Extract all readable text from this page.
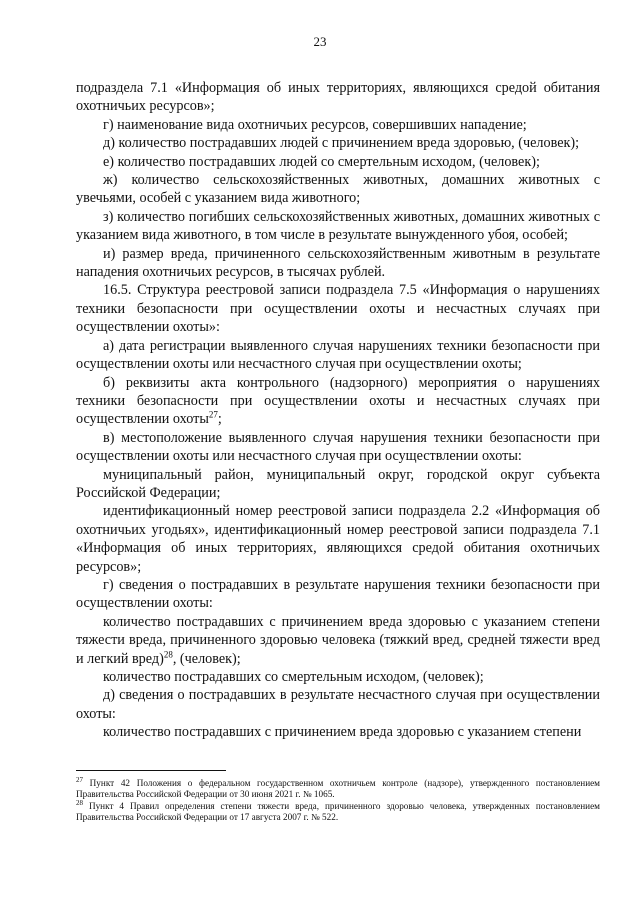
23

подраздела 7.1 «Информация об иных территориях, являющихся средой обитания охотничьих ресурсов»;

г) наименование вида охотничьих ресурсов, совершивших нападение;

д) количество пострадавших людей с причинением вреда здоровью, (человек);

е) количество пострадавших людей со смертельным исходом, (человек);

ж) количество сельскохозяйственных животных, домашних животных с увечьями, особей с указанием вида животного;

з) количество погибших сельскохозяйственных животных, домашних животных с указанием вида животного, в том числе в результате вынужденного убоя, особей;

и) размер вреда, причиненного сельскохозяйственным животным в результате нападения охотничьих ресурсов, в тысячах рублей.

16.5. Структура реестровой записи подраздела 7.5 «Информация о нарушениях техники безопасности при осуществлении охоты и несчастных случаях при осуществлении охоты»:

а) дата регистрации выявленного случая нарушениях техники безопасности при осуществлении охоты или несчастного случая при осуществлении охоты;

б) реквизиты акта контрольного (надзорного) мероприятия о нарушениях техники безопасности при осуществлении охоты и несчастных случаях при осуществлении охоты$^{27}$;

в) местоположение выявленного случая нарушения техники безопасности при осуществлении охоты или несчастного случая при осуществлении охоты:

муниципальный район, муниципальный округ, городской округ субъекта Российской Федерации;

идентификационный номер реестровой записи подраздела 2.2 «Информация об охотничьих угодьях», идентификационный номер реестровой записи подраздела 7.1 «Информация об иных территориях, являющихся средой обитания охотничьих ресурсов»;

г) сведения о пострадавших в результате нарушения техники безопасности при осуществлении охоты:

количество пострадавших с причинением вреда здоровью с указанием степени тяжести вреда, причиненного здоровью человека (тяжкий вред, средней тяжести вред и легкий вред)$^{28}$, (человек);

количество пострадавших со смертельным исходом, (человек);

д) сведения о пострадавших в результате несчастного случая при осуществлении охоты:

количество пострадавших с причинением вреда здоровью с указанием степени

$^{27}$ Пункт 42 Положения о федеральном государственном охотничьем контроле (надзоре), утвержденного постановлением Правительства Российской Федерации от 30 июня 2021 г. № 1065.

$^{28}$ Пункт 4 Правил определения степени тяжести вреда, причиненного здоровью человека, утвержденных постановлением Правительства Российской Федерации от 17 августа 2007 г. № 522.
